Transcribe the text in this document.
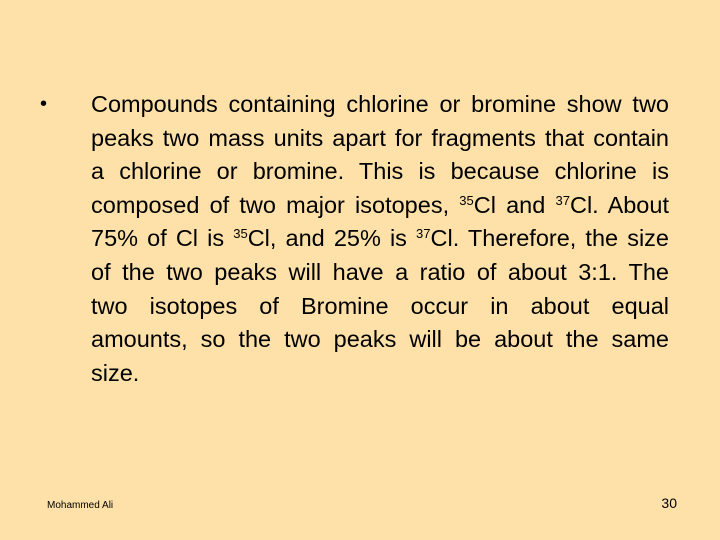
• Compounds containing chlorine or bromine show two peaks two mass units apart for fragments that contain a chlorine or bromine. This is because chlorine is composed of two major isotopes, $^{35}$Cl and $^{37}$Cl. About 75% of Cl is $^{35}$Cl, and 25% is $^{37}$Cl. Therefore, the size of the two peaks will have a ratio of about 3:1. The two isotopes of Bromine occur in about equal amounts, so the two peaks will be about the same size.
Mohammed Ali	30
